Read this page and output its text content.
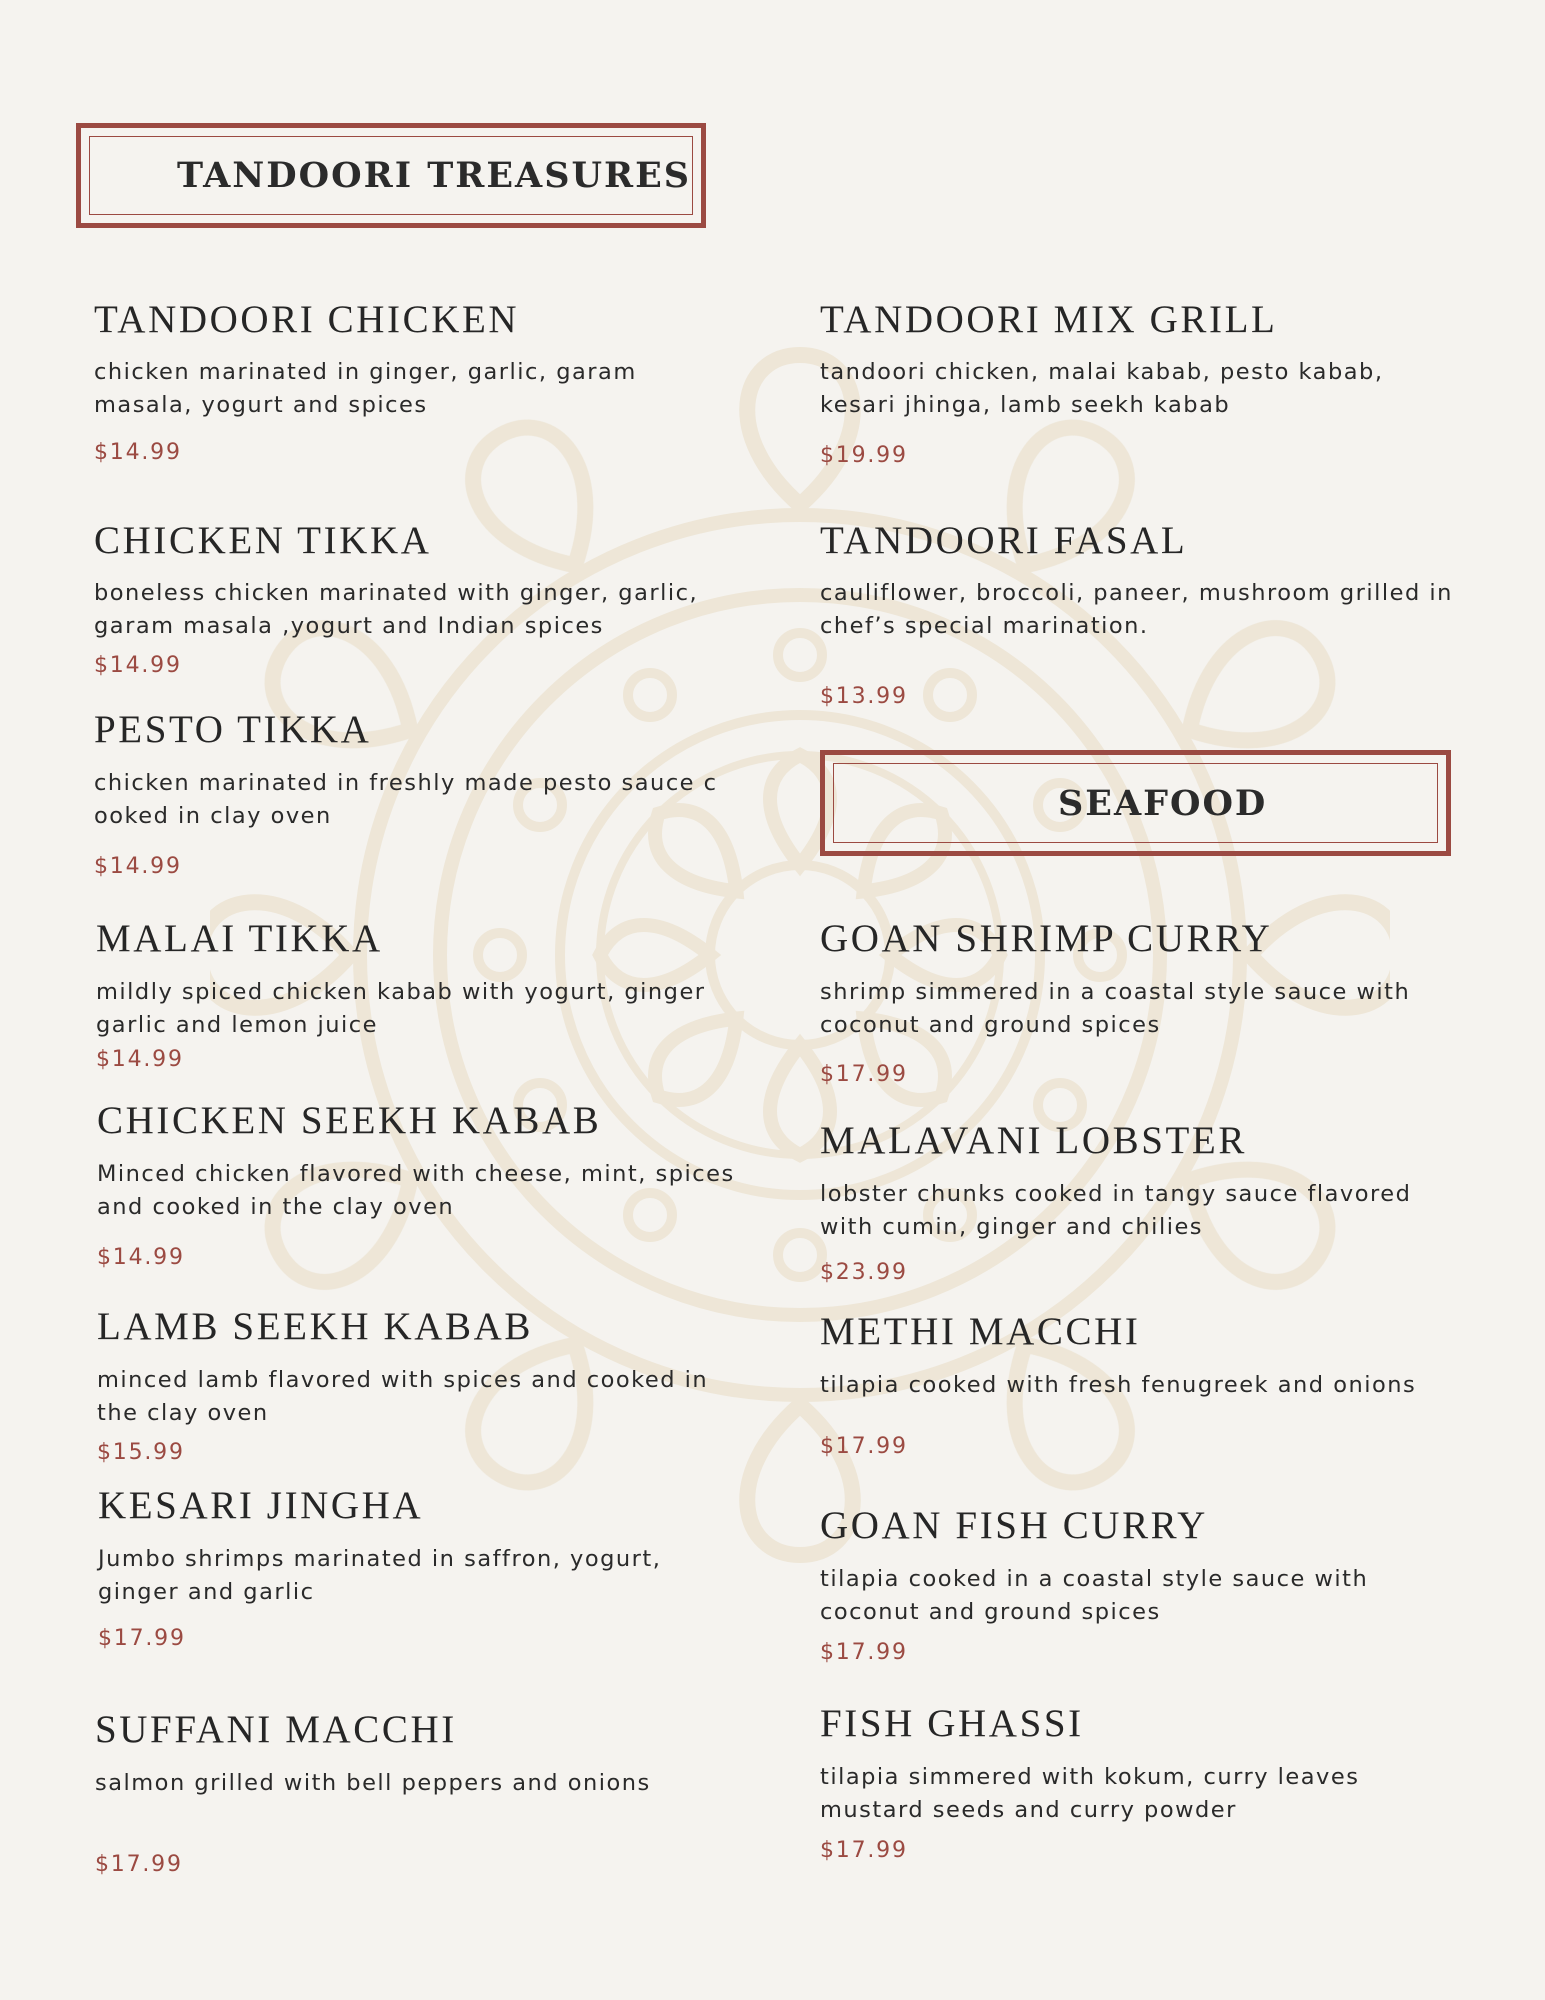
TANDOORI TREASURES
SEAFOOD
TANDOORI CHICKEN
chicken marinated in ginger, garlic, garam
masala, yogurt and spices
$14.99
CHICKEN TIKKA
boneless chicken marinated with ginger, garlic,
garam masala ,yogurt and Indian spices
$14.99
PESTO TIKKA
chicken marinated in freshly made pesto sauce c
ooked in clay oven
$14.99
MALAI TIKKA
mildly spiced chicken kabab with yogurt, ginger
garlic and lemon juice
$14.99
CHICKEN SEEKH KABAB
Minced chicken flavored with cheese, mint, spices
and cooked in the clay oven
$14.99
LAMB SEEKH KABAB
minced lamb flavored with spices and cooked in
the clay oven
$15.99
KESARI JINGHA
Jumbo shrimps marinated in saffron, yogurt,
ginger and garlic
$17.99
SUFFANI MACCHI
salmon grilled with bell peppers and onions
$17.99
TANDOORI MIX GRILL
tandoori chicken, malai kabab, pesto kabab,
kesari jhinga, lamb seekh kabab
$19.99
TANDOORI FASAL
cauliflower, broccoli, paneer, mushroom grilled in
chef’s special marination.
$13.99
GOAN SHRIMP CURRY
shrimp simmered in a coastal style sauce with
coconut and ground spices
$17.99
MALAVANI LOBSTER
lobster chunks cooked in tangy sauce flavored
with cumin, ginger and chilies
$23.99
METHI MACCHI
tilapia cooked with fresh fenugreek and onions
$17.99
GOAN FISH CURRY
tilapia cooked in a coastal style sauce with
coconut and ground spices
$17.99
FISH GHASSI
tilapia simmered with kokum, curry leaves
mustard seeds and curry powder
$17.99
